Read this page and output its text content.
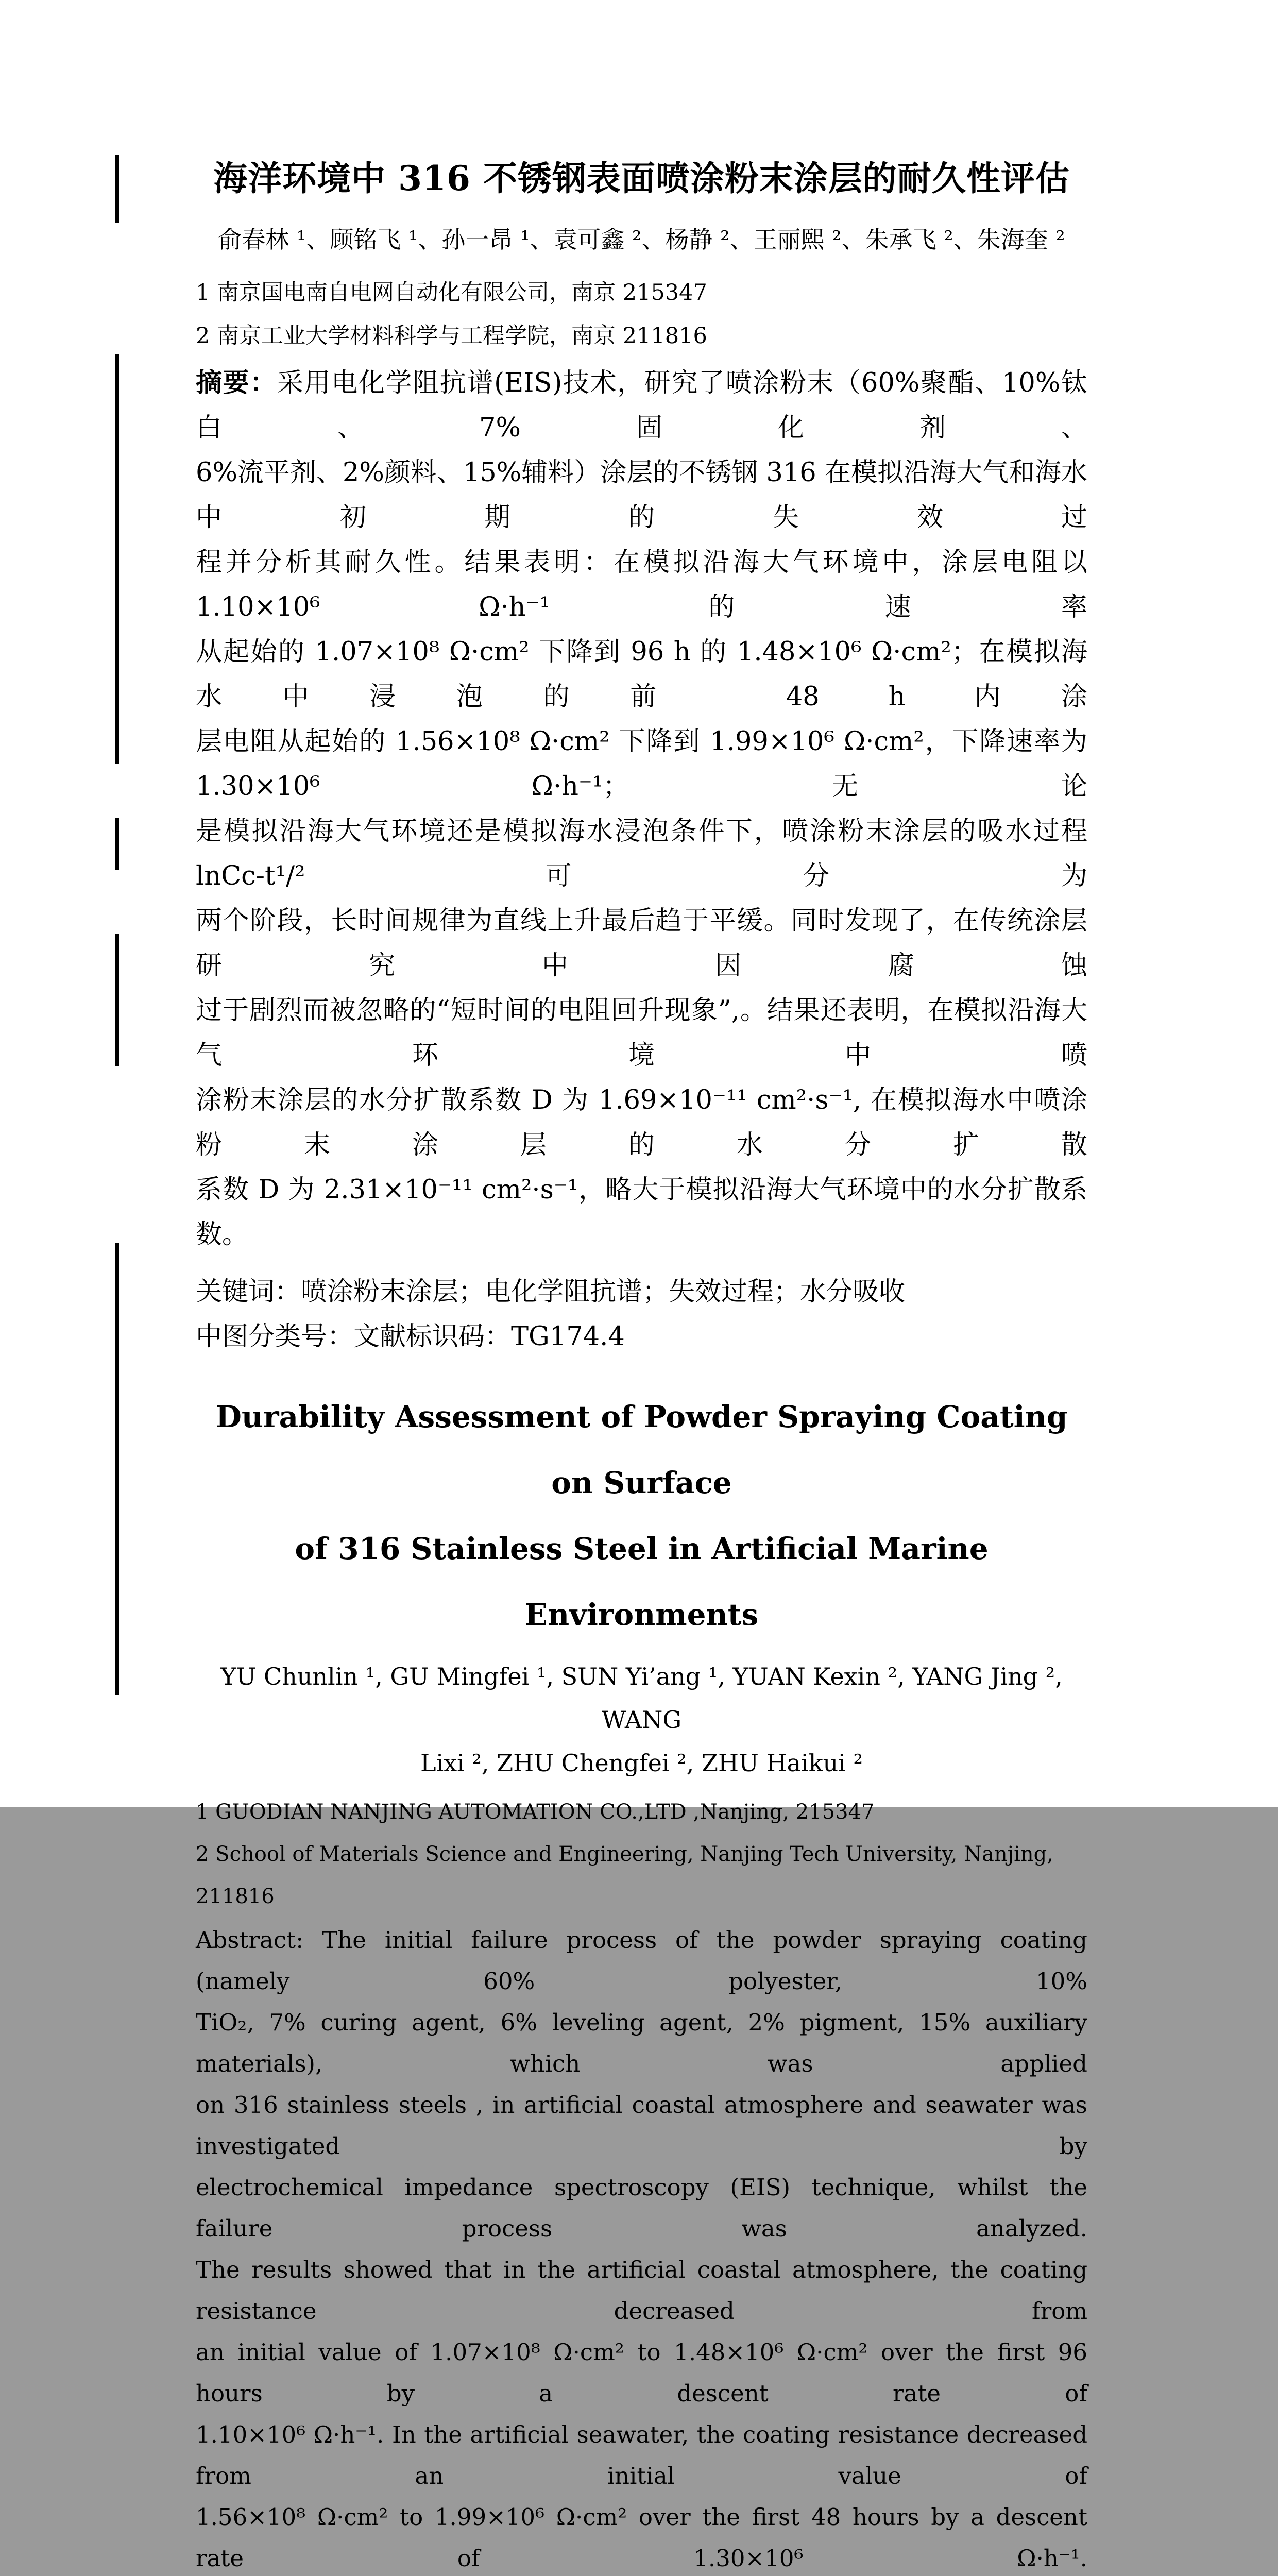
海洋环境中 316 不锈钢表面喷涂粉末涂层的耐久性评估
俞春林 ¹、顾铭飞 ¹、孙一昂 ¹、袁可鑫 ²、杨静 ²、王丽熙 ²、朱承飞 ²、朱海奎 ²
1 南京国电南自电网自动化有限公司，南京 215347
2 南京工业大学材料科学与工程学院，南京 211816
摘要：采用电化学阻抗谱(EIS)技术，研究了喷涂粉末（60%聚酯、10%钛白、7%固化剂、
6%流平剂、2%颜料、15%辅料）涂层的不锈钢 316 在模拟沿海大气和海水中初期的失效过
程并分析其耐久性。结果表明：在模拟沿海大气环境中，涂层电阻以 1.10×10⁶ Ω·h⁻¹ 的速率
从起始的 1.07×10⁸ Ω·cm² 下降到 96 h 的 1.48×10⁶ Ω·cm²；在模拟海水中浸泡的前 48 h 内涂
层电阻从起始的 1.56×10⁸ Ω·cm² 下降到 1.99×10⁶ Ω·cm²，下降速率为 1.30×10⁶ Ω·h⁻¹；无论
是模拟沿海大气环境还是模拟海水浸泡条件下，喷涂粉末涂层的吸水过程 lnCc-t¹/² 可分为
两个阶段，长时间规律为直线上升最后趋于平缓。同时发现了，在传统涂层研究中因腐蚀
过于剧烈而被忽略的“短时间的电阻回升现象”,。结果还表明，在模拟沿海大气环境中喷
涂粉末涂层的水分扩散系数 D 为 1.69×10⁻¹¹ cm²·s⁻¹, 在模拟海水中喷涂粉末涂层的水分扩散
系数 D 为 2.31×10⁻¹¹ cm²·s⁻¹，略大于模拟沿海大气环境中的水分扩散系数。
关键词：喷涂粉末涂层；电化学阻抗谱；失效过程；水分吸收
中图分类号：文献标识码：TG174.4
Durability Assessment of Powder Spraying Coating on Surface
of 316 Stainless Steel in Artificial Marine Environments
YU Chunlin ¹, GU Mingfei ¹, SUN Yi’ang ¹, YUAN Kexin ², YANG Jing ², WANG
Lixi ², ZHU Chengfei ², ZHU Haikui ²
1 GUODIAN NANJING AUTOMATION CO.,LTD ,Nanjing, 215347
2 School of Materials Science and Engineering, Nanjing Tech University, Nanjing, 211816
Abstract: The initial failure process of the powder spraying coating (namely 60% polyester, 10%
TiO₂, 7% curing agent, 6% leveling agent, 2% pigment, 15% auxiliary materials), which was applied
on 316 stainless steels , in artificial coastal atmosphere and seawater was investigated by
electrochemical impedance spectroscopy (EIS) technique, whilst the failure process was analyzed.
The results showed that in the artificial coastal atmosphere, the coating resistance decreased from
an initial value of 1.07×10⁸ Ω·cm² to 1.48×10⁶ Ω·cm² over the first 96 hours by a descent rate of
1.10×10⁶ Ω·h⁻¹. In the artificial seawater, the coating resistance decreased from an initial value of
1.56×10⁸ Ω·cm² to 1.99×10⁶ Ω·cm² over the first 48 hours by a descent rate of 1.30×10⁶ Ω·h⁻¹.
